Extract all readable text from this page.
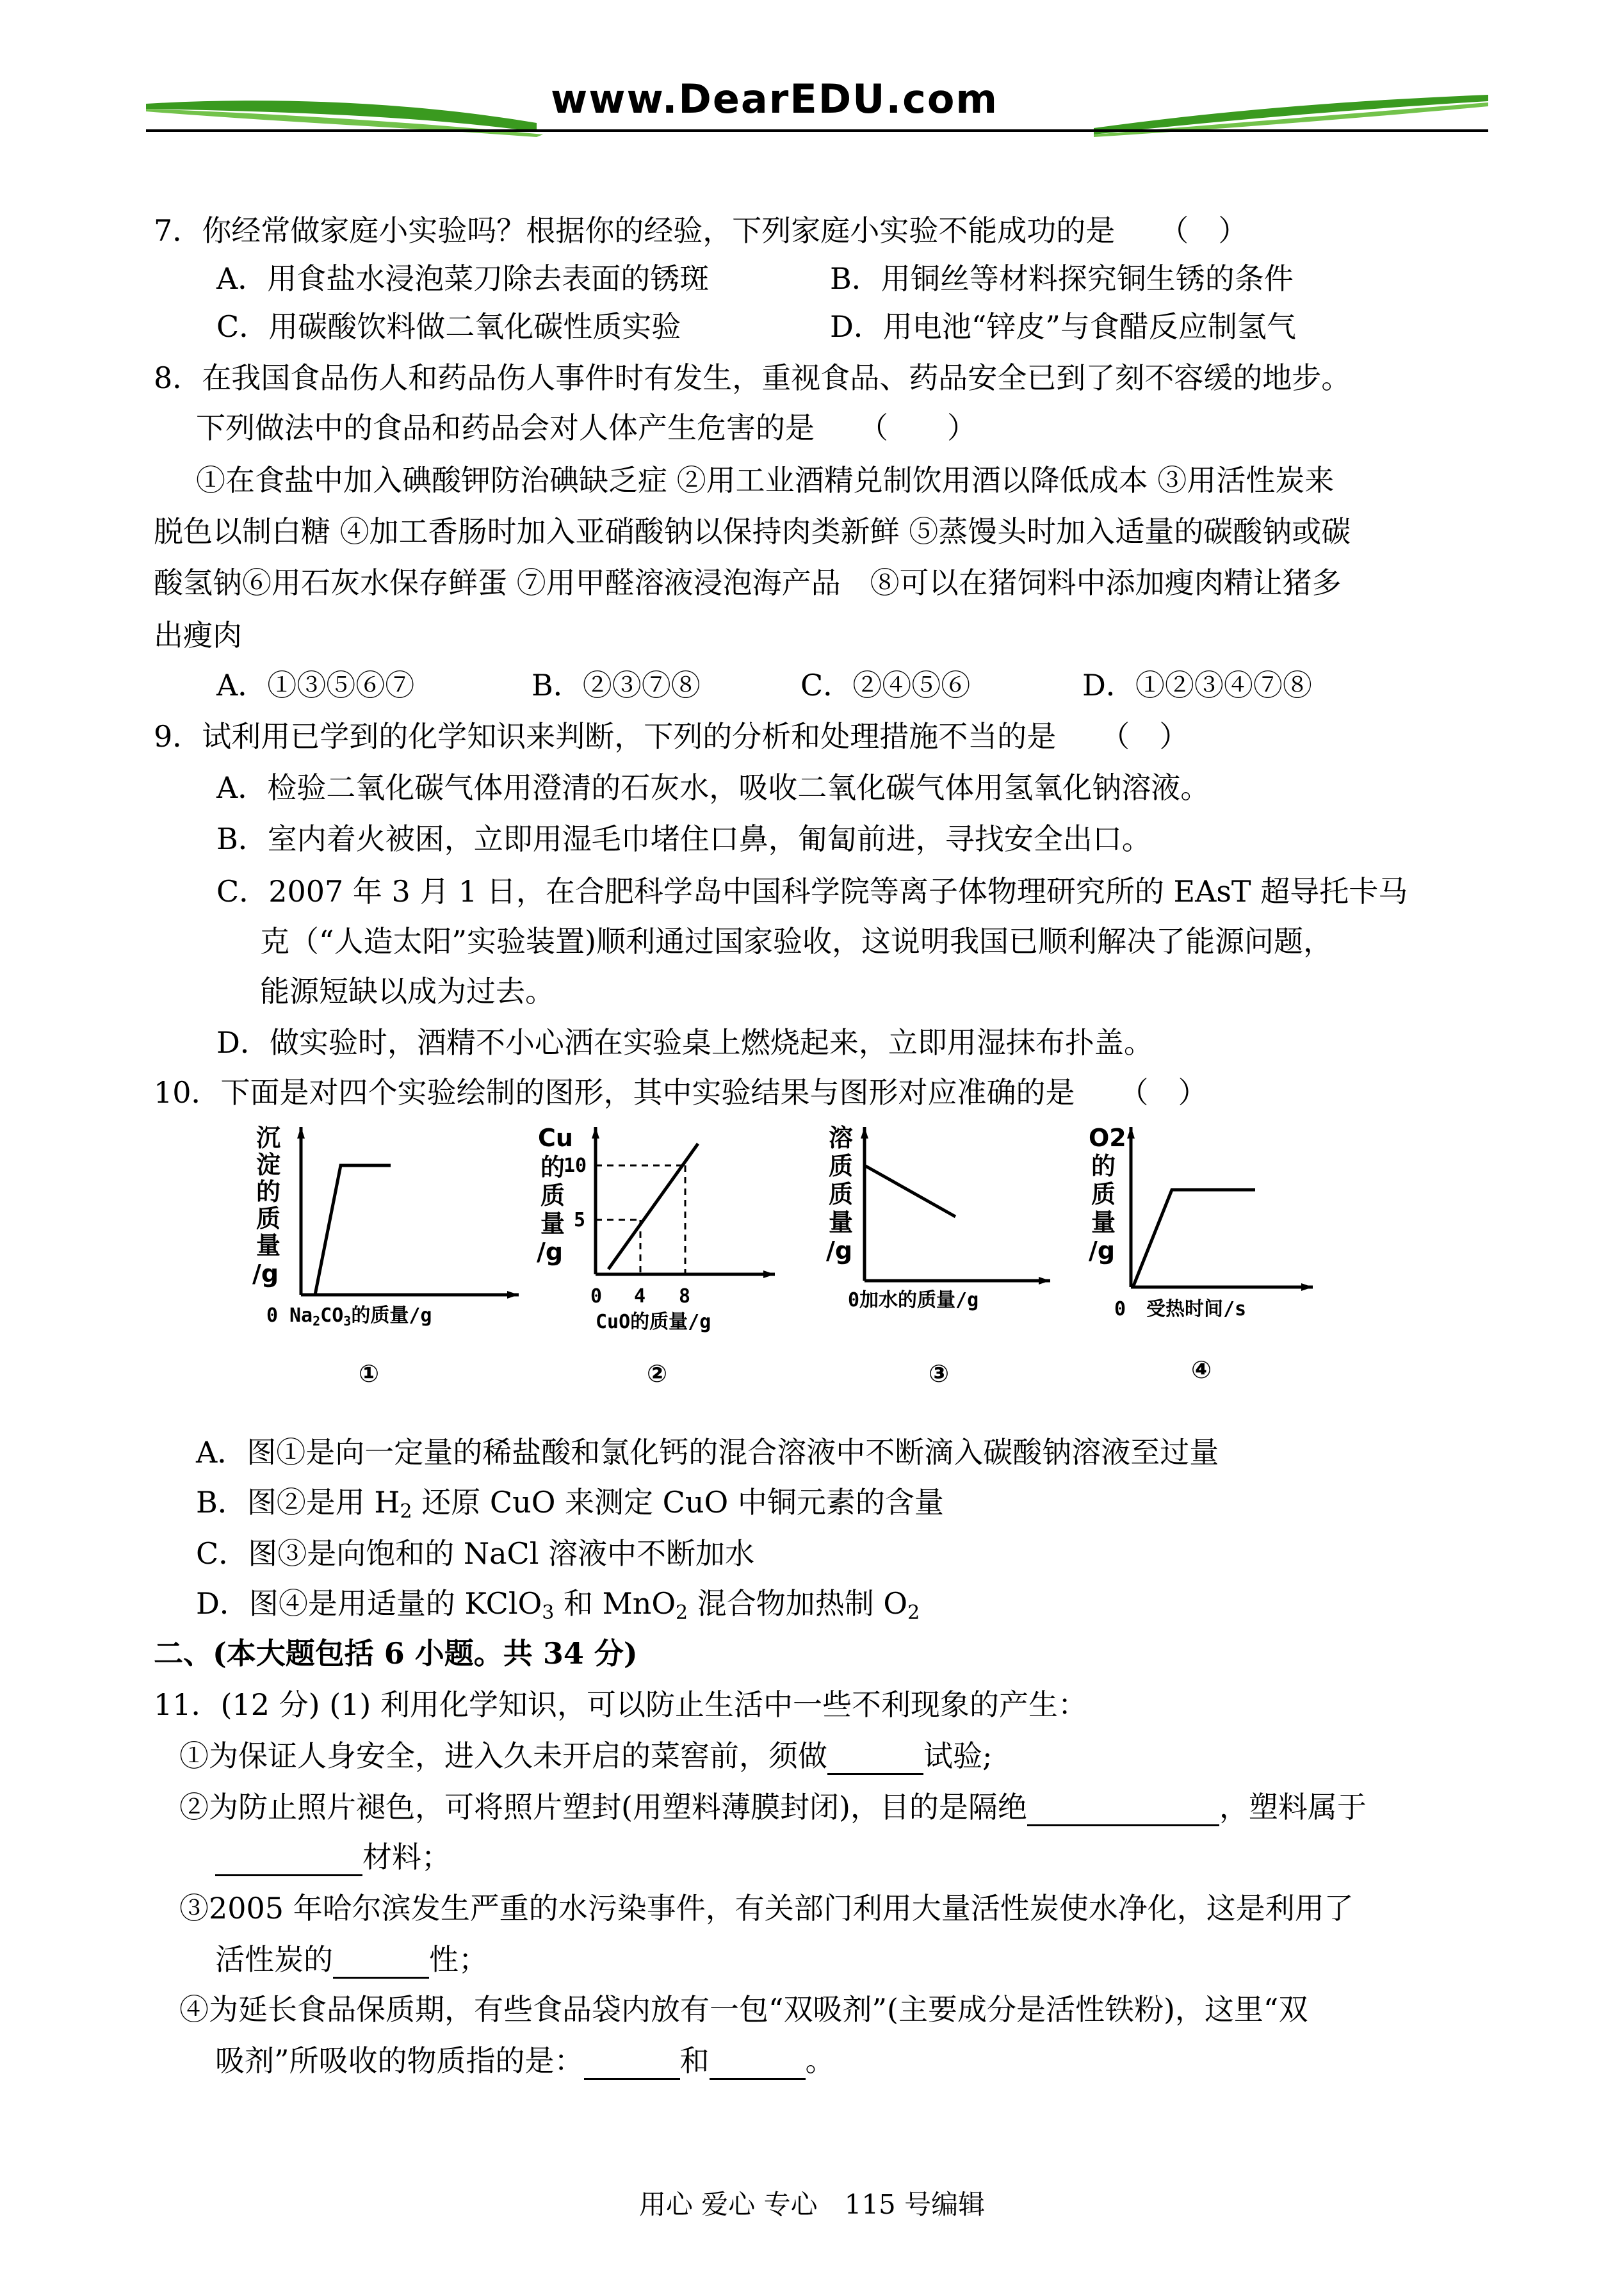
www.DearEDU.com
7．你经常做家庭小实验吗？根据你的经验，下列家庭小实验不能成功的是　　（　）
A．用食盐水浸泡菜刀除去表面的锈斑	B．用铜丝等材料探究铜生锈的条件
C．用碳酸饮料做二氧化碳性质实验	D．用电池“锌皮”与食醋反应制氢气
8．在我国食品伤人和药品伤人事件时有发生，重视食品、药品安全已到了刻不容缓的地步。
下列做法中的食品和药品会对人体产生危害的是　　（　　）
①在食盐中加入碘酸钾防治碘缺乏症 ②用工业酒精兑制饮用酒以降低成本 ③用活性炭来
脱色以制白糖 ④加工香肠时加入亚硝酸钠以保持肉类新鲜 ⑤蒸馒头时加入适量的碳酸钠或碳
酸氢钠⑥用石灰水保存鲜蛋 ⑦用甲醛溶液浸泡海产品　⑧可以在猪饲料中添加瘦肉精让猪多
出瘦肉
A．①③⑤⑥⑦	B．②③⑦⑧	C．②④⑤⑥	D．①②③④⑦⑧
9．试利用已学到的化学知识来判断，下列的分析和处理措施不当的是　　（　）
A．检验二氧化碳气体用澄清的石灰水，吸收二氧化碳气体用氢氧化钠溶液。
B．室内着火被困，立即用湿毛巾堵住口鼻，匍匐前进，寻找安全出口。
C．2007 年 3 月 1 日，在合肥科学岛中国科学院等离子体物理研究所的 EAsT 超导托卡马
克（“人造太阳”实验装置)顺利通过国家验收，这说明我国已顺利解决了能源问题，
能源短缺以成为过去。
D．做实验时，酒精不小心洒在实验桌上燃烧起来，立即用湿抹布扑盖。
10．下面是对四个实验绘制的图形，其中实验结果与图形对应准确的是　　（　）
沉
淀
的
质
量
/g
0 $Na_2CO_3$的质量/g
①
Cu
的
质
量
/g
10
5
0 4 8
CuO的质量/g
②
溶
质
质
量
/g
0加水的质量/g
③
O2
的
质
量
/g
0 受热时间/s
④
A．图①是向一定量的稀盐酸和氯化钙的混合溶液中不断滴入碳酸钠溶液至过量
B．图②是用 $H_2$ 还原 CuO 来测定 CuO 中铜元素的含量
C．图③是向饱和的 NaCl 溶液中不断加水
D．图④是用适量的 KClO$_3$ 和 MnO$_2$ 混合物加热制 $O_2$
二、(本大题包括 6 小题。共 34 分)
11．(12 分) (1) 利用化学知识，可以防止生活中一些不利现象的产生：
①为保证人身安全，进入久未开启的菜窖前，须做	试验;
②为防止照片褪色，可将照片塑封(用塑料薄膜封闭)，目的是隔绝	，塑料属于
材料；
③2005 年哈尔滨发生严重的水污染事件，有关部门利用大量活性炭使水净化，这是利用了
活性炭的	性；
④为延长食品保质期，有些食品袋内放有一包“双吸剂”(主要成分是活性铁粉)，这里“双
吸剂”所吸收的物质指的是：	和	。
用心 爱心 专心　115 号编辑
